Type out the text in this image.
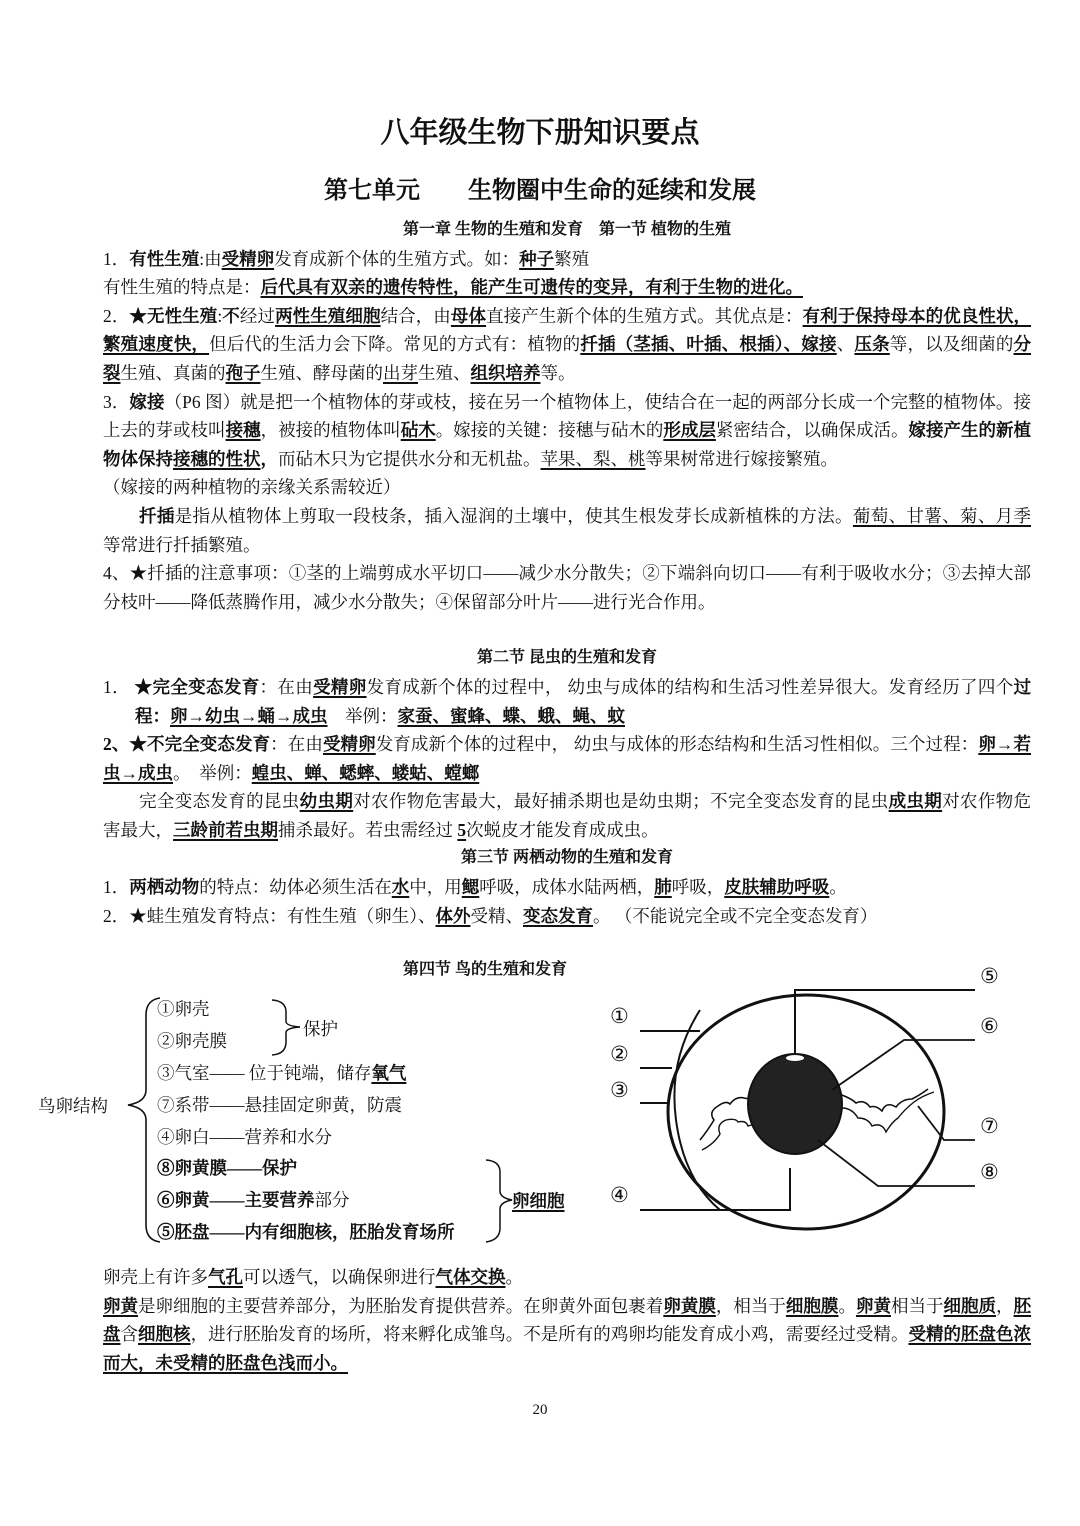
八年级生物下册知识要点
第七单元 生物圈中生命的延续和发展
第一章 生物的生殖和发育　第一节 植物的生殖

1．有性生殖:由受精卵发育成新个体的生殖方式。如：种子繁殖

有性生殖的特点是：后代具有双亲的遗传特性，能产生可遗传的变异，有利于生物的进化。

2．★无性生殖:不经过两性生殖细胞结合，由母体直接产生新个体的生殖方式。其优点是：有利于保持母本的优良性状，繁殖速度快，但后代的生活力会下降。常见的方式有：植物的扦插（茎插、叶插、根插）、嫁接、压条等，以及细菌的分裂生殖、真菌的孢子生殖、酵母菌的出芽生殖、组织培养等。

3．嫁接（P6 图）就是把一个植物体的芽或枝，接在另一个植物体上，使结合在一起的两部分长成一个完整的植物体。接上去的芽或枝叫接穗，被接的植物体叫砧木。嫁接的关键：接穗与砧木的形成层紧密结合，以确保成活。嫁接产生的新植物体保持接穗的性状，而砧木只为它提供水分和无机盐。苹果、梨、桃等果树常进行嫁接繁殖。

（嫁接的两种植物的亲缘关系需较近）

扦插是指从植物体上剪取一段枝条，插入湿润的土壤中，使其生根发芽长成新植株的方法。葡萄、甘薯、菊、月季等常进行扦插繁殖。

4、★扦插的注意事项：①茎的上端剪成水平切口——减少水分散失；②下端斜向切口——有利于吸收水分；③去掉大部分枝叶——降低蒸腾作用，减少水分散失；④保留部分叶片——进行光合作用。

第二节 昆虫的生殖和发育

1． ★完全变态发育：在由受精卵发育成新个体的过程中， 幼虫与成体的结构和生活习性差异很大。发育经历了四个过程：卵→幼虫→蛹→成虫　举例：家蚕、蜜蜂、蝶、蛾、蝇、蚊

2、★不完全变态发育：在由受精卵发育成新个体的过程中， 幼虫与成体的形态结构和生活习性相似。三个过程：卵→若虫→成虫。　举例：蝗虫、蝉、蟋蟀、蝼蛄、螳螂

完全变态发育的昆虫幼虫期对农作物危害最大，最好捕杀期也是幼虫期；不完全变态发育的昆虫成虫期对农作物危害最大，三龄前若虫期捕杀最好。若虫需经过 5次蜕皮才能发育成成虫。

第三节 两栖动物的生殖和发育

1．两栖动物的特点：幼体必须生活在水中，用鳃呼吸，成体水陆两栖，肺呼吸，皮肤辅助呼吸。

2．★蛙生殖发育特点：有性生殖（卵生）、体外受精、变态发育。 （不能说完全或不完全变态发育）

第四节 鸟的生殖和发育
鸟卵结构
①卵壳
②卵壳膜
③气室—— 位于钝端，储存氧气
⑦系带——悬挂固定卵黄，防震
④卵白——营养和水分
⑧卵黄膜——保护
⑥卵黄——主要营养部分
⑤胚盘——内有细胞核，胚胎发育场所
保护
卵细胞
①
②
③
④
⑤
⑥
⑦
⑧

卵壳上有许多气孔可以透气，以确保卵进行气体交换。

卵黄是卵细胞的主要营养部分，为胚胎发育提供营养。在卵黄外面包裹着卵黄膜，相当于细胞膜。卵黄相当于细胞质，胚盘含细胞核，进行胚胎发育的场所，将来孵化成雏鸟。不是所有的鸡卵均能发育成小鸡，需要经过受精。受精的胚盘色浓而大，未受精的胚盘色浅而小。

20
